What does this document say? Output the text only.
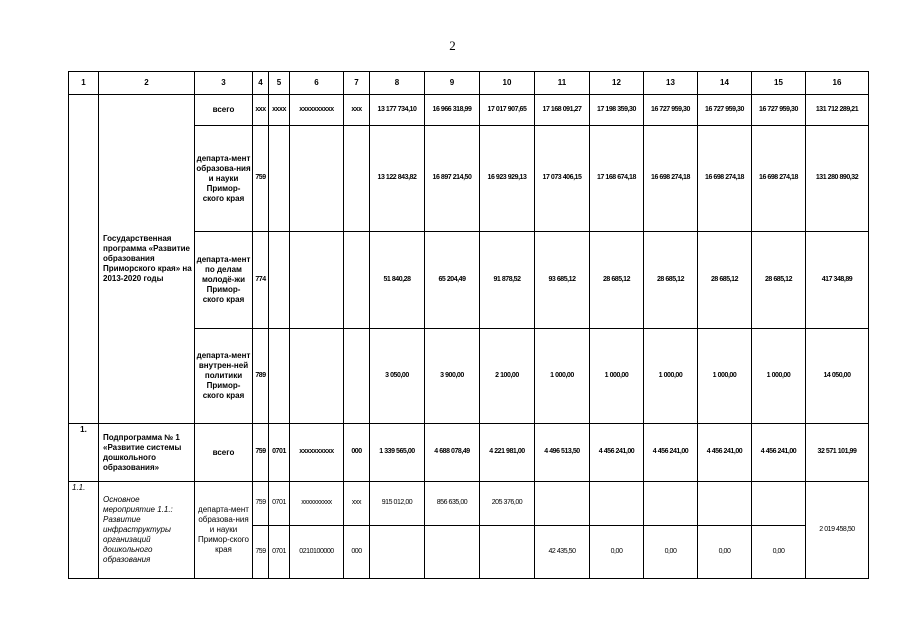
2
1	2	3	4	5	6	7	8	9	10	11	12	13	14	15	16
	Государственная программа «Развитие образования Приморского края» на 2013-2020 годы	всего	ххх	хххх	хххххххххх	ххх	13 177 734,10	16 966 318,99	17 017 907,65	17 168 091,27	17 198 359,30	16 727 959,30	16 727 959,30	16 727 959,30	131 712 289,21
		департа-мент образова-ния и науки Примор-ского края	759				13 122 843,82	16 897 214,50	16 923 929,13	17 073 406,15	17 168 674,18	16 698 274,18	16 698 274,18	16 698 274,18	131 280 890,32
		департа-мент по делам молодё-жи Примор-ского края	774				51 840,28	65 204,49	91 878,52	93 685,12	28 685,12	28 685,12	28 685,12	28 685,12	417 348,89
		департа-мент внутрен-ней политики Примор-ского края	789				3 050,00	3 900,00	2 100,00	1 000,00	1 000,00	1 000,00	1 000,00	1 000,00	14 050,00
1.	Подпрограмма № 1 «Развитие системы дошкольного образования»	всего	759	0701	хххххххххх	000	1 339 565,00	4 688 078,49	4 221 981,00	4 496 513,50	4 456 241,00	4 456 241,00	4 456 241,00	4 456 241,00	32 571 101,99
1.1.	Основное мероприятие 1.1.: Развитие инфраструктуры организаций дошкольного образования	департа-мент образова-ния и науки Примор-ского края	759	0701	хххххххххх	ххх	915 012,00	856 635,00	205 376,00						2 019 458,50
			759	0701	0210100000	000				42 435,50	0,00	0,00	0,00	0,00	
